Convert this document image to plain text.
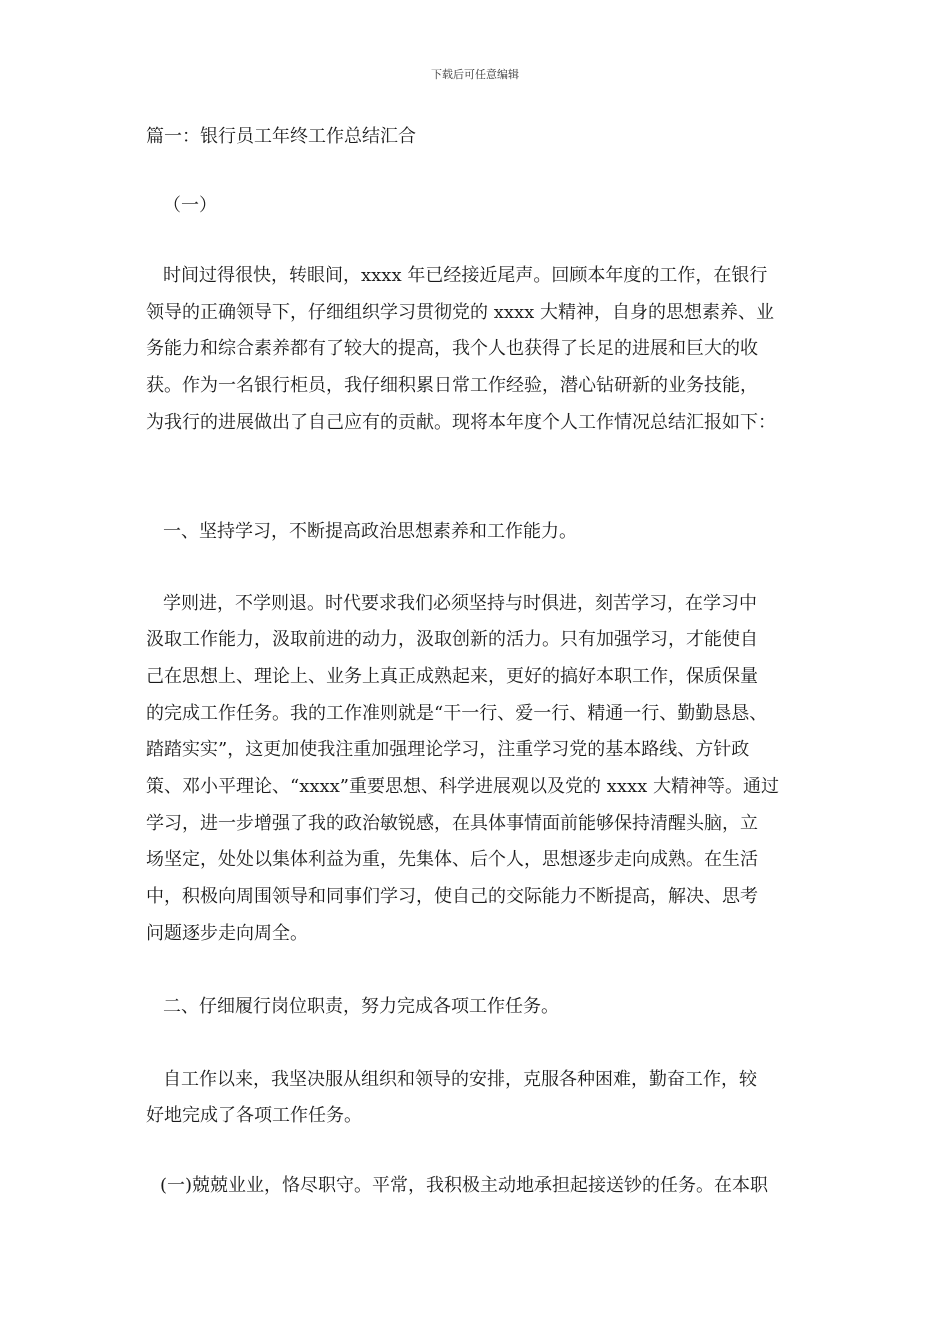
下载后可任意编辑
篇一：银行员工年终工作总结汇合
（一）
时间过得很快，转眼间，xxxx 年已经接近尾声。回顾本年度的工作，在银行
领导的正确领导下，仔细组织学习贯彻党的 xxxx 大精神，自身的思想素养、业
务能力和综合素养都有了较大的提高，我个人也获得了长足的进展和巨大的收
获。作为一名银行柜员，我仔细积累日常工作经验，潜心钻研新的业务技能，
为我行的进展做出了自己应有的贡献。现将本年度个人工作情况总结汇报如下：
一、坚持学习，不断提高政治思想素养和工作能力。
学则进，不学则退。时代要求我们必须坚持与时俱进，刻苦学习，在学习中
汲取工作能力，汲取前进的动力，汲取创新的活力。只有加强学习，才能使自
己在思想上、理论上、业务上真正成熟起来，更好的搞好本职工作，保质保量
的完成工作任务。我的工作准则就是“干一行、爱一行、精通一行、勤勤恳恳、
踏踏实实”，这更加使我注重加强理论学习，注重学习党的基本路线、方针政
策、邓小平理论、“xxxx”重要思想、科学进展观以及党的 xxxx 大精神等。通过
学习，进一步增强了我的政治敏锐感，在具体事情面前能够保持清醒头脑，立
场坚定，处处以集体利益为重，先集体、后个人，思想逐步走向成熟。在生活
中，积极向周围领导和同事们学习，使自己的交际能力不断提高，解决、思考
问题逐步走向周全。
二、仔细履行岗位职责，努力完成各项工作任务。
自工作以来，我坚决服从组织和领导的安排，克服各种困难，勤奋工作，较
好地完成了各项工作任务。
(一)兢兢业业，恪尽职守。平常，我积极主动地承担起接送钞的任务。在本职
